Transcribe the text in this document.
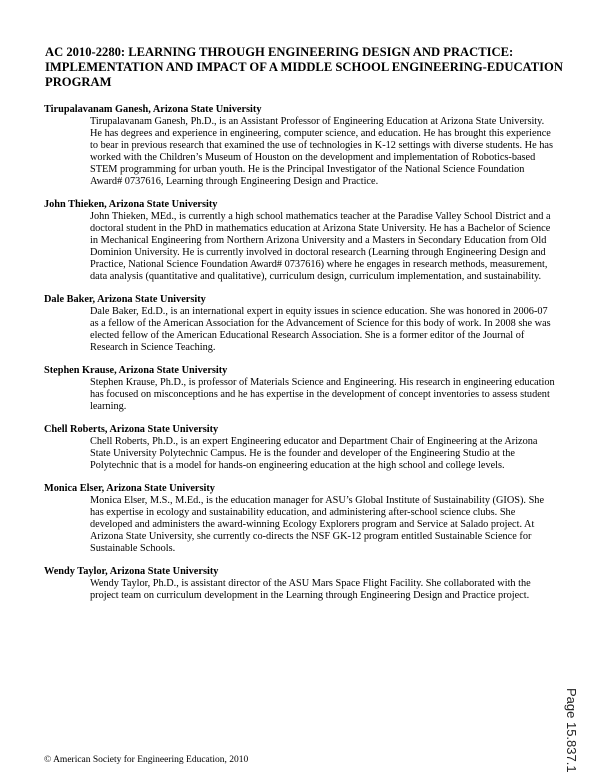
AC 2010-2280: LEARNING THROUGH ENGINEERING DESIGN AND PRACTICE: IMPLEMENTATION AND IMPACT OF A MIDDLE SCHOOL ENGINEERING-EDUCATION PROGRAM

Tirupalavanam Ganesh, Arizona State University

Tirupalavanam Ganesh, Ph.D., is an Assistant Professor of Engineering Education at Arizona State University. He has degrees and experience in engineering, computer science, and education. He has brought this experience to bear in previous research that examined the use of technologies in K-12 settings with diverse students. He has worked with the Children’s Museum of Houston on the development and implementation of Robotics-based STEM programming for urban youth. He is the Principal Investigator of the National Science Foundation Award# 0737616, Learning through Engineering Design and Practice.

John Thieken, Arizona State University

John Thieken, MEd., is currently a high school mathematics teacher at the Paradise Valley School District and a doctoral student in the PhD in mathematics education at Arizona State University. He has a Bachelor of Science in Mechanical Engineering from Northern Arizona University and a Masters in Secondary Education from Old Dominion University. He is currently involved in doctoral research (Learning through Engineering Design and Practice, National Science Foundation Award# 0737616) where he engages in research methods, measurement, data analysis (quantitative and qualitative), curriculum design, curriculum implementation, and sustainability.

Dale Baker, Arizona State University

Dale Baker, Ed.D., is an international expert in equity issues in science education. She was honored in 2006-07 as a fellow of the American Association for the Advancement of Science for this body of work. In 2008 she was elected fellow of the American Educational Research Association. She is a former editor of the Journal of Research in Science Teaching.

Stephen Krause, Arizona State University

Stephen Krause, Ph.D., is professor of Materials Science and Engineering. His research in engineering education has focused on misconceptions and he has expertise in the development of concept inventories to assess student learning.

Chell Roberts, Arizona State University

Chell Roberts, Ph.D., is an expert Engineering educator and Department Chair of Engineering at the Arizona State University Polytechnic Campus. He is the founder and developer of the Engineering Studio at the Polytechnic that is a model for hands-on engineering education at the high school and college levels.

Monica Elser, Arizona State University

Monica Elser, M.S., M.Ed., is the education manager for ASU’s Global Institute of Sustainability (GIOS). She has expertise in ecology and sustainability education, and administering after-school science clubs. She developed and administers the award-winning Ecology Explorers program and Service at Salado project. At Arizona State University, she currently co-directs the NSF GK-12 program entitled Sustainable Science for Sustainable Schools.

Wendy Taylor, Arizona State University

Wendy Taylor, Ph.D., is assistant director of the ASU Mars Space Flight Facility. She collaborated with the project team on curriculum development in the Learning through Engineering Design and Practice project.

© American Society for Engineering Education, 2010	Page 15.837.1
